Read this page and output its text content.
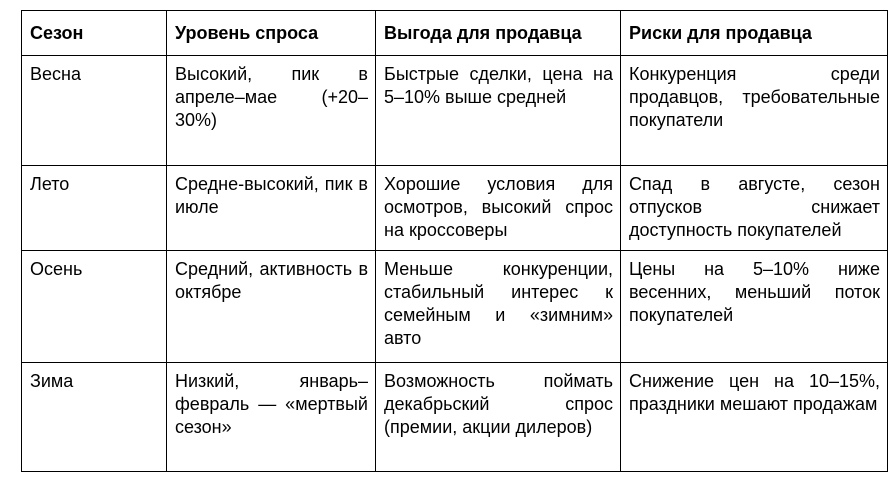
Сезон	Уровень спроса	Выгода для продавца	Риски для продавца
Весна	Высокий, пик в апреле–мае (+20–30%)	Быстрые сделки, цена на 5–10% выше средней	Конкуренция среди продавцов, требовательные покупатели
Лето	Средне-высокий, пик в июле	Хорошие условия для осмотров, высокий спрос на кроссоверы	Спад в августе, сезон отпусков снижает доступность покупателей
Осень	Средний, активность в октябре	Меньше конкуренции, стабильный интерес к семейным и «зимним» авто	Цены на 5–10% ниже весенних, меньший поток покупателей
Зима	Низкий, январь–февраль — «мертвый сезон»	Возможность поймать декабрьский спрос (премии, акции дилеров)	Снижение цен на 10–15%, праздники мешают продажам
